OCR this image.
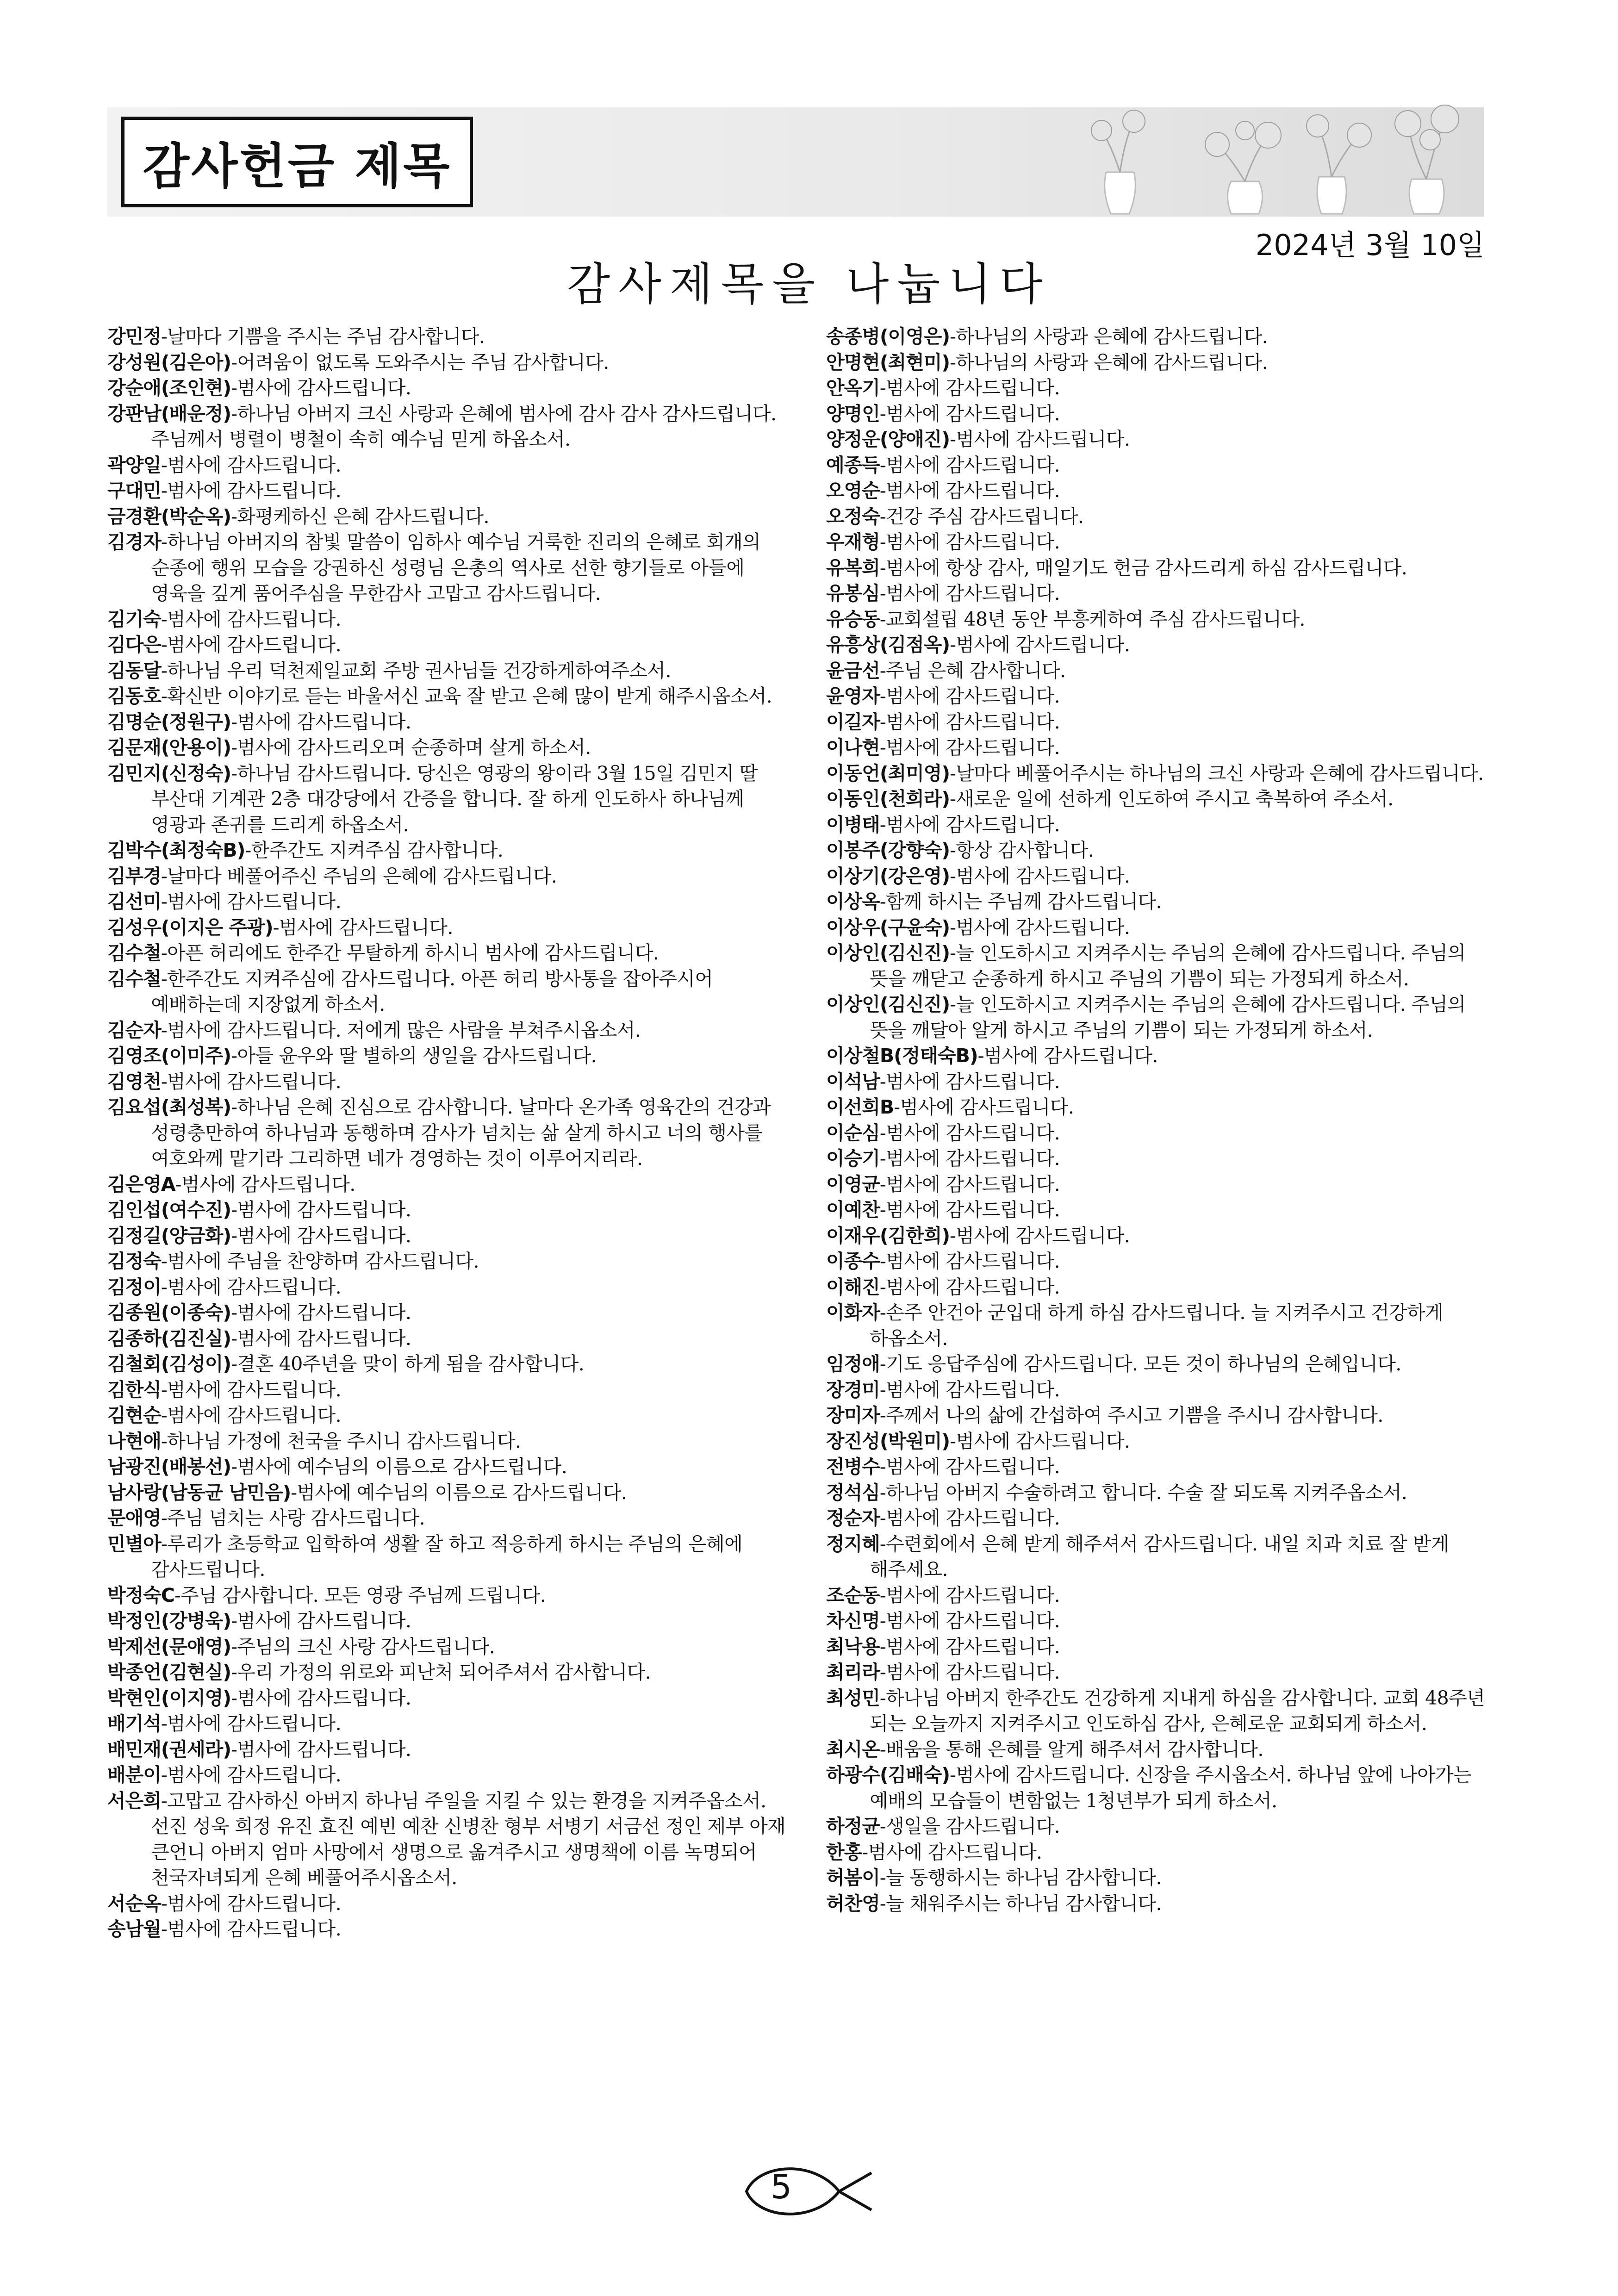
감사헌금 제목
2024년 3월 10일
감사제목을 나눕니다
강민정-날마다 기쁨을 주시는 주님 감사합니다.
강성원(김은아)-어려움이 없도록 도와주시는 주님 감사합니다.
강순애(조인현)-범사에 감사드립니다.
강판남(배운정)-하나님 아버지 크신 사랑과 은혜에 범사에 감사 감사 감사드립니다. 주님께서 병렬이 병철이 속히 예수님 믿게 하옵소서.
곽양일-범사에 감사드립니다.
구대민-범사에 감사드립니다.
금경환(박순옥)-화평케하신 은혜 감사드립니다.
김경자-하나님 아버지의 참빛 말씀이 임하사 예수님 거룩한 진리의 은혜로 회개의 순종에 행위 모습을 강권하신 성령님 은총의 역사로 선한 향기들로 아들에 영육을 깊게 품어주심을 무한감사 고맙고 감사드립니다.
김기숙-범사에 감사드립니다.
김다은-범사에 감사드립니다.
김동달-하나님 우리 덕천제일교회 주방 권사님들 건강하게하여주소서.
김동호-확신반 이야기로 듣는 바울서신 교육 잘 받고 은혜 많이 받게 해주시옵소서.
김명순(정원구)-범사에 감사드립니다.
김문재(안용이)-범사에 감사드리오며 순종하며 살게 하소서.
김민지(신정숙)-하나님 감사드립니다. 당신은 영광의 왕이라 3월 15일 김민지 딸 부산대 기계관 2층 대강당에서 간증을 합니다. 잘 하게 인도하사 하나님께 영광과 존귀를 드리게 하옵소서.
김박수(최정숙B)-한주간도 지켜주심 감사합니다.
김부경-날마다 베풀어주신 주님의 은혜에 감사드립니다.
김선미-범사에 감사드립니다.
김성우(이지은 주광)-범사에 감사드립니다.
김수철-아픈 허리에도 한주간 무탈하게 하시니 범사에 감사드립니다.
김수철-한주간도 지켜주심에 감사드립니다. 아픈 허리 방사통을 잡아주시어 예배하는데 지장없게 하소서.
김순자-범사에 감사드립니다. 저에게 많은 사람을 부쳐주시옵소서.
김영조(이미주)-아들 윤우와 딸 별하의 생일을 감사드립니다.
김영천-범사에 감사드립니다.
김요섭(최성복)-하나님 은혜 진심으로 감사합니다. 날마다 온가족 영육간의 건강과 성령충만하여 하나님과 동행하며 감사가 넘치는 삶 살게 하시고 너의 행사를 여호와께 맡기라 그리하면 네가 경영하는 것이 이루어지리라.
김은영A-범사에 감사드립니다.
김인섭(여수진)-범사에 감사드립니다.
김정길(양금화)-범사에 감사드립니다.
김정숙-범사에 주님을 찬양하며 감사드립니다.
김정이-범사에 감사드립니다.
김종원(이종숙)-범사에 감사드립니다.
김종하(김진실)-범사에 감사드립니다.
김철회(김성이)-결혼 40주년을 맞이 하게 됨을 감사합니다.
김한식-범사에 감사드립니다.
김현순-범사에 감사드립니다.
나현애-하나님 가정에 천국을 주시니 감사드립니다.
남광진(배봉선)-범사에 예수님의 이름으로 감사드립니다.
남사랑(남동균 남민음)-범사에 예수님의 이름으로 감사드립니다.
문애영-주님 넘치는 사랑 감사드립니다.
민별아-루리가 초등학교 입학하여 생활 잘 하고 적응하게 하시는 주님의 은혜에 감사드립니다.
박정숙C-주님 감사합니다. 모든 영광 주님께 드립니다.
박정인(강병욱)-범사에 감사드립니다.
박제선(문애영)-주님의 크신 사랑 감사드립니다.
박종언(김현실)-우리 가정의 위로와 피난처 되어주셔서 감사합니다.
박현인(이지영)-범사에 감사드립니다.
배기석-범사에 감사드립니다.
배민재(권세라)-범사에 감사드립니다.
배분이-범사에 감사드립니다.
서은희-고맙고 감사하신 아버지 하나님 주일을 지킬 수 있는 환경을 지켜주옵소서. 선진 성욱 희정 유진 효진 예빈 예찬 신병찬 형부 서병기 서금선 정인 제부 아재 큰언니 아버지 엄마 사망에서 생명으로 옮겨주시고 생명책에 이름 녹명되어 천국자녀되게 은혜 베풀어주시옵소서.
서순옥-범사에 감사드립니다.
송남월-범사에 감사드립니다.
송종병(이영은)-하나님의 사랑과 은혜에 감사드립니다.
안명현(최현미)-하나님의 사랑과 은혜에 감사드립니다.
안옥기-범사에 감사드립니다.
양명인-범사에 감사드립니다.
양정운(양애진)-범사에 감사드립니다.
예종득-범사에 감사드립니다.
오영순-범사에 감사드립니다.
오정숙-건강 주심 감사드립니다.
우재형-범사에 감사드립니다.
유복희-범사에 항상 감사, 매일기도 헌금 감사드리게 하심 감사드립니다.
유봉심-범사에 감사드립니다.
유승동-교회설립 48년 동안 부흥케하여 주심 감사드립니다.
유흥상(김점옥)-범사에 감사드립니다.
윤금선-주님 은혜 감사합니다.
윤영자-범사에 감사드립니다.
이길자-범사에 감사드립니다.
이나현-범사에 감사드립니다.
이동언(최미영)-날마다 베풀어주시는 하나님의 크신 사랑과 은혜에 감사드립니다.
이동인(천희라)-새로운 일에 선하게 인도하여 주시고 축복하여 주소서.
이병태-범사에 감사드립니다.
이봉주(강향숙)-항상 감사합니다.
이상기(강은영)-범사에 감사드립니다.
이상옥-함께 하시는 주님께 감사드립니다.
이상우(구윤숙)-범사에 감사드립니다.
이상인(김신진)-늘 인도하시고 지켜주시는 주님의 은혜에 감사드립니다. 주님의 뜻을 깨닫고 순종하게 하시고 주님의 기쁨이 되는 가정되게 하소서.
이상인(김신진)-늘 인도하시고 지켜주시는 주님의 은혜에 감사드립니다. 주님의 뜻을 깨달아 알게 하시고 주님의 기쁨이 되는 가정되게 하소서.
이상철B(정태숙B)-범사에 감사드립니다.
이석남-범사에 감사드립니다.
이선희B-범사에 감사드립니다.
이순심-범사에 감사드립니다.
이승기-범사에 감사드립니다.
이영균-범사에 감사드립니다.
이예찬-범사에 감사드립니다.
이재우(김한희)-범사에 감사드립니다.
이종수-범사에 감사드립니다.
이해진-범사에 감사드립니다.
이화자-손주 안건아 군입대 하게 하심 감사드립니다. 늘 지켜주시고 건강하게 하옵소서.
임정애-기도 응답주심에 감사드립니다. 모든 것이 하나님의 은혜입니다.
장경미-범사에 감사드립니다.
장미자-주께서 나의 삶에 간섭하여 주시고 기쁨을 주시니 감사합니다.
장진성(박원미)-범사에 감사드립니다.
전병수-범사에 감사드립니다.
정석심-하나님 아버지 수술하려고 합니다. 수술 잘 되도록 지켜주옵소서.
정순자-범사에 감사드립니다.
정지혜-수련회에서 은혜 받게 해주셔서 감사드립니다. 내일 치과 치료 잘 받게 해주세요.
조순동-범사에 감사드립니다.
차신명-범사에 감사드립니다.
최낙용-범사에 감사드립니다.
최리라-범사에 감사드립니다.
최성민-하나님 아버지 한주간도 건강하게 지내게 하심을 감사합니다. 교회 48주년 되는 오늘까지 지켜주시고 인도하심 감사, 은혜로운 교회되게 하소서.
최시온-배움을 통해 은혜를 알게 해주셔서 감사합니다.
하광수(김배숙)-범사에 감사드립니다. 신장을 주시옵소서. 하나님 앞에 나아가는 예배의 모습들이 변함없는 1청년부가 되게 하소서.
하정균-생일을 감사드립니다.
한홍-범사에 감사드립니다.
허봄이-늘 동행하시는 하나님 감사합니다.
허찬영-늘 채워주시는 하나님 감사합니다.
5
